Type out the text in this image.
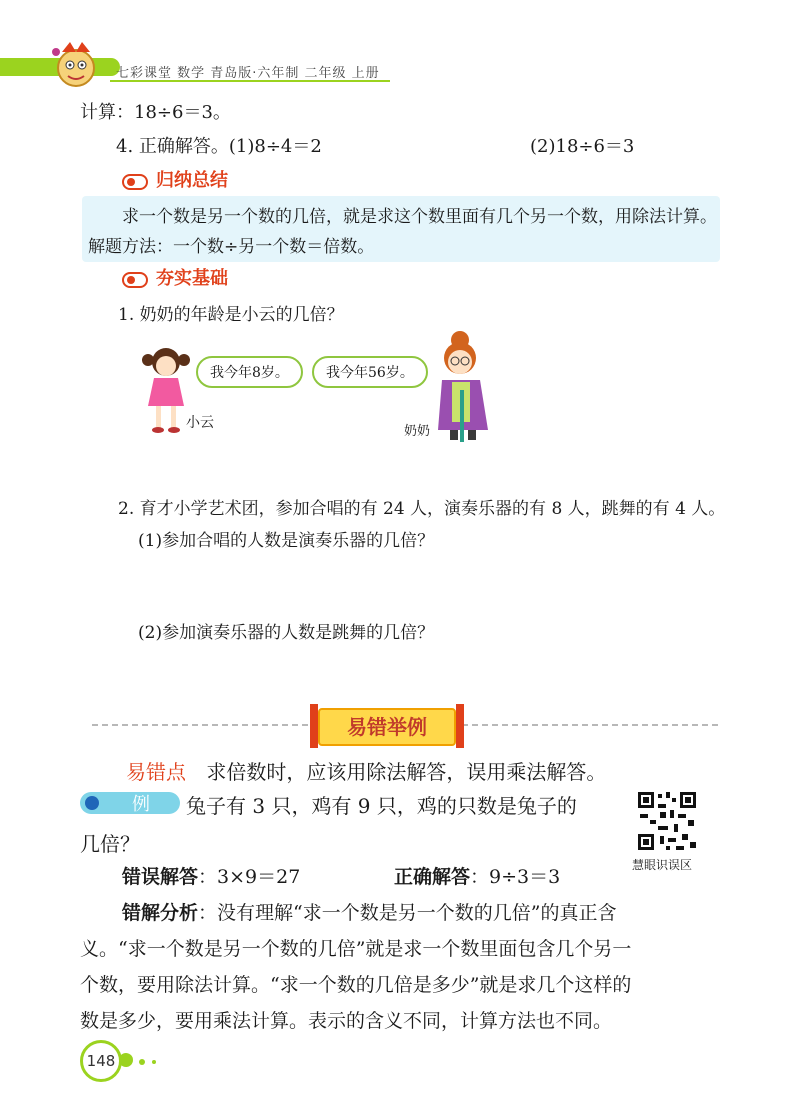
七彩课堂 数学 青岛版·六年制 二年级 上册
计算：18÷6＝3。
4. 正确解答。(1)8÷4＝2	(2)18÷6＝3
归纳总结
求一个数是另一个数的几倍，就是求这个数里面有几个另一个数，用除法计算。解题方法：一个数÷另一个数＝倍数。
夯实基础
1. 奶奶的年龄是小云的几倍？
我今年8岁。
小云
我今年56岁。
奶奶
2. 育才小学艺术团，参加合唱的有 24 人，演奏乐器的有 8 人，跳舞的有 4 人。
(1)参加合唱的人数是演奏乐器的几倍？
(2)参加演奏乐器的人数是跳舞的几倍？
易错举例
易错点 求倍数时，应该用除法解答，误用乘法解答。
例 兔子有 3 只，鸡有 9 只，鸡的只数是兔子的
几倍？
慧眼识误区
错误解答：3×9＝27	正确解答：9÷3＝3
错解分析：没有理解“求一个数是另一个数的几倍”的真正含
义。“求一个数是另一个数的几倍”就是求一个数里面包含几个另一
个数，要用除法计算。“求一个数的几倍是多少”就是求几个这样的
数是多少，要用乘法计算。表示的含义不同，计算方法也不同。
148
